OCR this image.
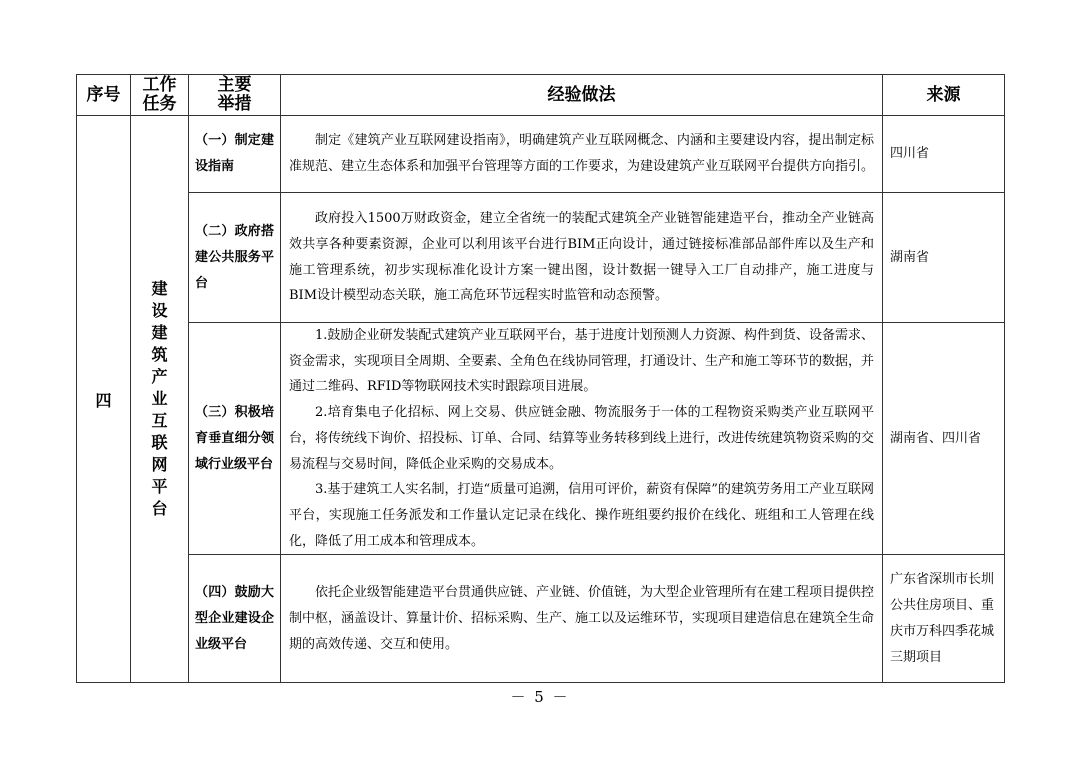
序号	工作任务	主要举措	经验做法	来源
四	建设建筑产业互联网平台	（一）制定建设指南	制定《建筑产业互联网建设指南》，明确建筑产业互联网概念、内涵和主要建设内容，提出制定标准规范、建立生态体系和加强平台管理等方面的工作要求，为建设建筑产业互联网平台提供方向指引。	四川省
		（二）政府搭建公共服务平台	政府投入1500万财政资金，建立全省统一的装配式建筑全产业链智能建造平台，推动全产业链高效共享各种要素资源，企业可以利用该平台进行BIM正向设计，通过链接标准部品部件库以及生产和施工管理系统，初步实现标准化设计方案一键出图，设计数据一键导入工厂自动排产，施工进度与BIM设计模型动态关联，施工高危环节远程实时监管和动态预警。	湖南省
		（三）积极培育垂直细分领域行业级平台	1.鼓励企业研发装配式建筑产业互联网平台，基于进度计划预测人力资源、构件到货、设备需求、资金需求，实现项目全周期、全要素、全角色在线协同管理，打通设计、生产和施工等环节的数据，并通过二维码、RFID等物联网技术实时跟踪项目进展。

2.培育集电子化招标、网上交易、供应链金融、物流服务于一体的工程物资采购类产业互联网平台，将传统线下询价、招投标、订单、合同、结算等业务转移到线上进行，改进传统建筑物资采购的交易流程与交易时间，降低企业采购的交易成本。

3.基于建筑工人实名制，打造“质量可追溯，信用可评价，薪资有保障”的建筑劳务用工产业互联网平台，实现施工任务派发和工作量认定记录在线化、操作班组要约报价在线化、班组和工人管理在线化，降低了用工成本和管理成本。	湖南省、四川省
		（四）鼓励大型企业建设企业级平台	依托企业级智能建造平台贯通供应链、产业链、价值链，为大型企业管理所有在建工程项目提供控制中枢，涵盖设计、算量计价、招标采购、生产、施工以及运维环节，实现项目建造信息在建筑全生命期的高效传递、交互和使用。	广东省深圳市长圳公共住房项目、重庆市万科四季花城三期项目
－ 5 －
